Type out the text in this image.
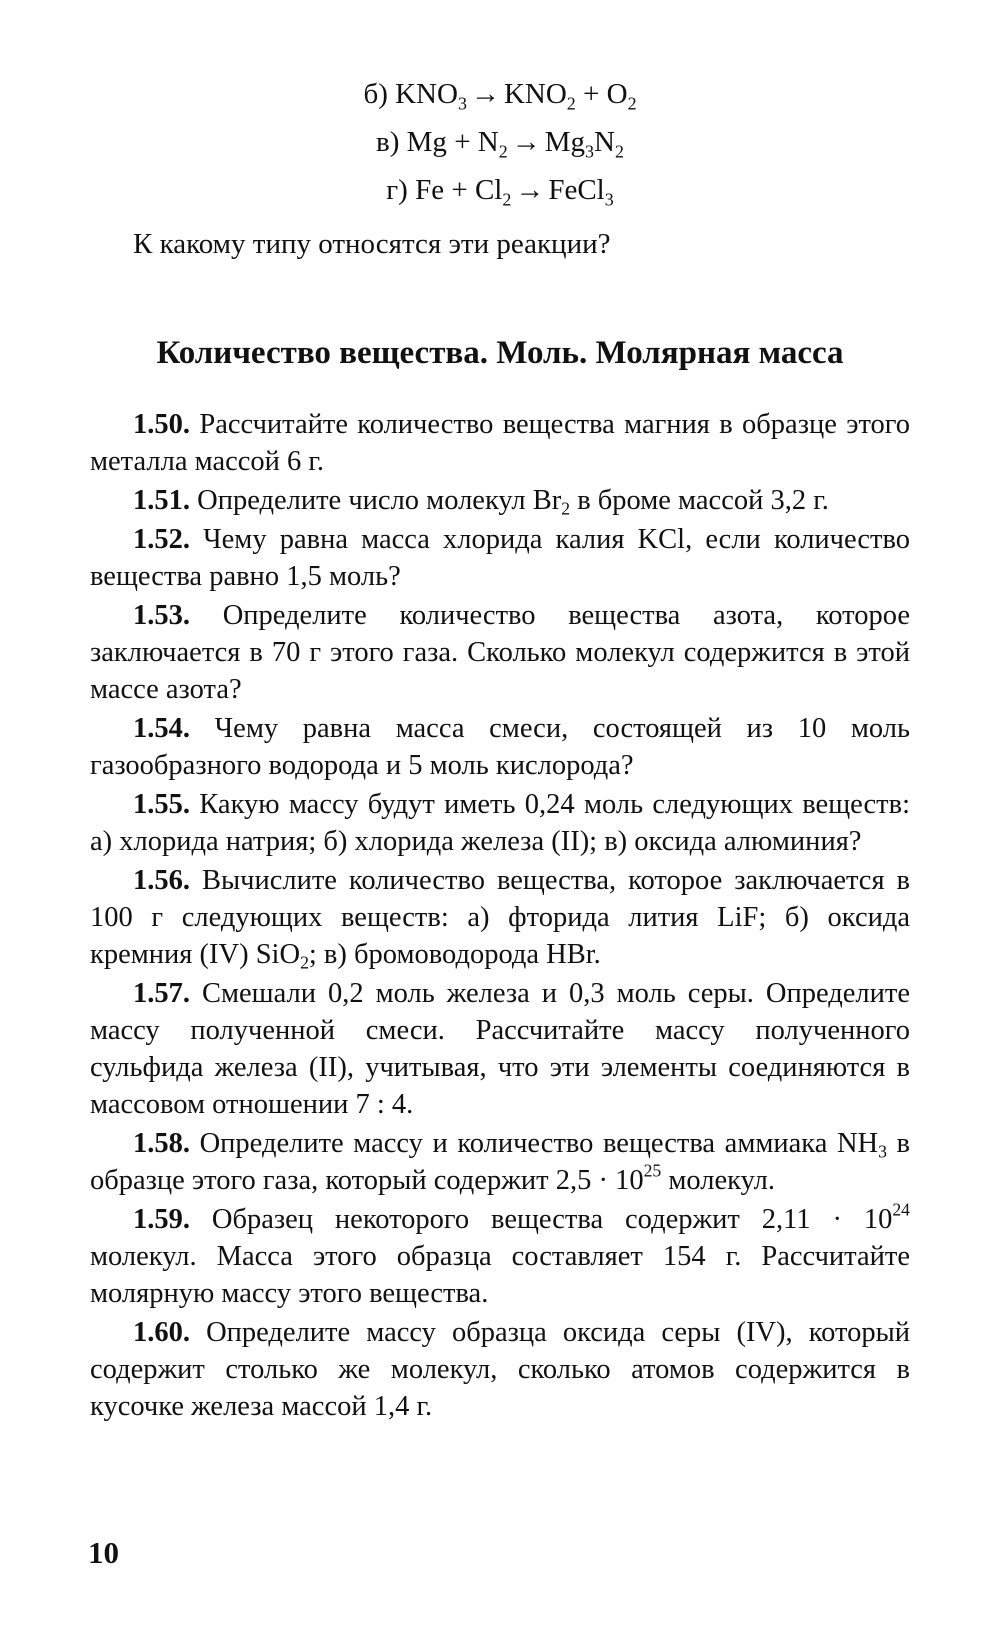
б) $KNO_3 \to KNO_2 + O_2$
в) $Mg + N_2 \to Mg_3N_2$
г) $Fe + Cl_2$ → FeCl$_3$
К какому типу относятся эти реакции?
Количество вещества. Моль. Молярная масса

1.50. Рассчитайте количество вещества магния в образце этого металла массой 6 г.

1.51. Определите число молекул $Br_2$ в броме массой 3,2 г.

1.52. Чему равна масса хлорида калия KCl, если количество вещества равно 1,5 моль?

1.53. Определите количество вещества азота, которое заключается в 70 г этого газа. Сколько молекул содержится в этой массе азота?

1.54. Чему равна масса смеси, состоящей из 10 моль газообразного водорода и 5 моль кислорода?

1.55. Какую массу будут иметь 0,24 моль следующих веществ: а) хлорида натрия; б) хлорида железа (II); в) оксида алюминия?

1.56. Вычислите количество вещества, которое заключается в 100 г следующих веществ: а) фторида лития LiF; б) оксида кремния (IV) SiO$_2$; в) бромоводорода HBr.

1.57. Смешали 0,2 моль железа и 0,3 моль серы. Определите массу полученной смеси. Рассчитайте массу полученного сульфида железа (II), учитывая, что эти элементы соединяются в массовом отношении 7 : 4.

1.58. Определите массу и количество вещества аммиака $NH_3$ в образце этого газа, который содержит $2,5 \cdot 10^{25}$ молекул.

1.59. Образец некоторого вещества содержит $2,11 \cdot 10^{24}$ молекул. Масса этого образца составляет 154 г. Рассчитайте молярную массу этого вещества.

1.60. Определите массу образца оксида серы (IV), который содержит столько же молекул, сколько атомов содержится в кусочке железа массой 1,4 г.

10
